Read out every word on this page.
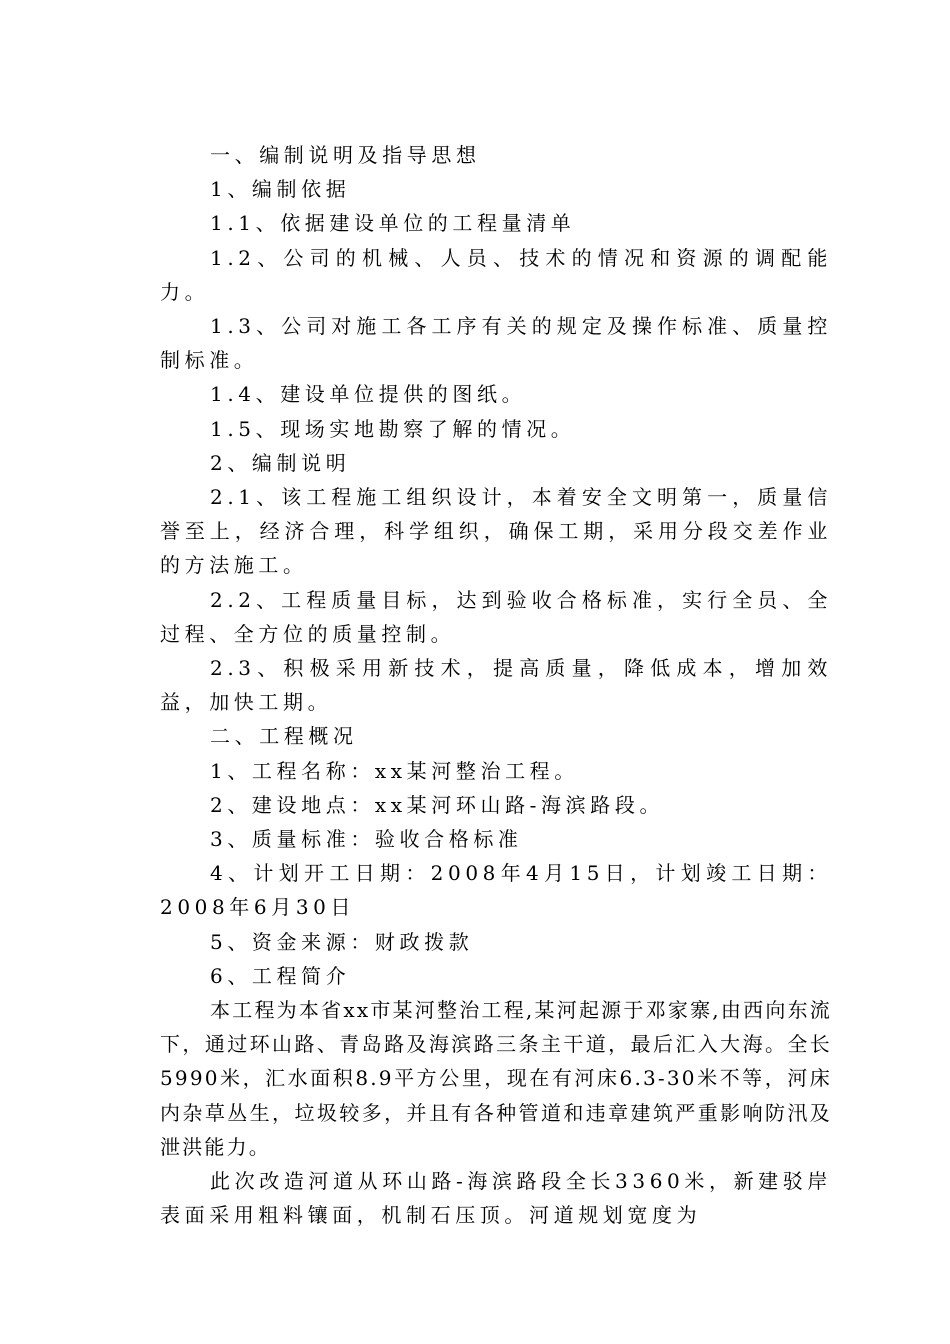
一、编制说明及指导思想

1、编制依据

1.1、依据建设单位的工程量清单

1.2、公司的机械、人员、技术的情况和资源的调配能力。

1.3、公司对施工各工序有关的规定及操作标准、质量控制标准。

1.4、建设单位提供的图纸。

1.5、现场实地勘察了解的情况。

2、编制说明

2.1、该工程施工组织设计，本着安全文明第一，质量信誉至上，经济合理，科学组织，确保工期，采用分段交差作业的方法施工。

2.2、工程质量目标，达到验收合格标准，实行全员、全过程、全方位的质量控制。

2.3、积极采用新技术，提高质量，降低成本，增加效益，加快工期。

二、工程概况

1、工程名称：xx某河整治工程。

2、建设地点：xx某河环山路-海滨路段。

3、质量标准：验收合格标准

4、计划开工日期：2008年4月15日，计划竣工日期：2008年6月30日

5、资金来源：财政拨款

6、工程简介

本工程为本省xx市某河整治工程,某河起源于邓家寨,由西向东流下，通过环山路、青岛路及海滨路三条主干道，最后汇入大海。全长5990米，汇水面积8.9平方公里，现在有河床6.3-30米不等，河床内杂草丛生，垃圾较多，并且有各种管道和违章建筑严重影响防汛及泄洪能力。

此次改造河道从环山路-海滨路段全长3360米，新建驳岸表面采用粗料镶面，机制石压顶。河道规划宽度为
